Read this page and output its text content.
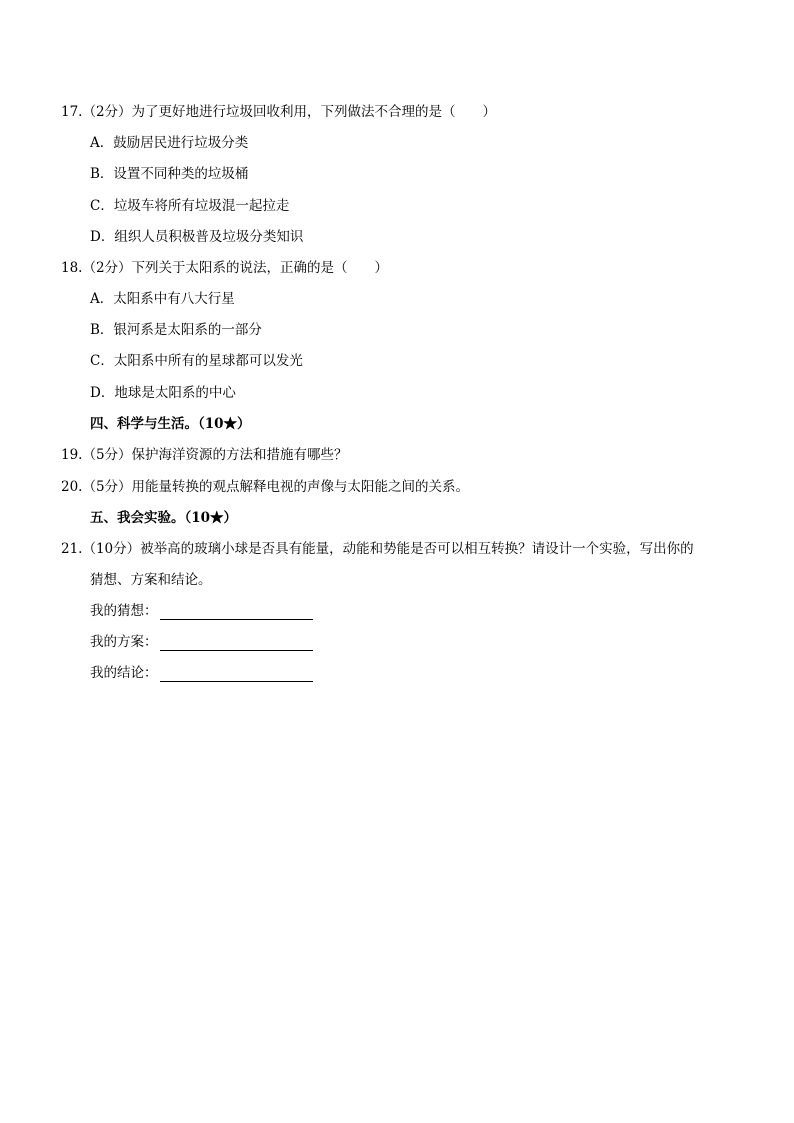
17.（2分）为了更好地进行垃圾回收利用，下列做法不合理的是（　　）
A．鼓励居民进行垃圾分类
B．设置不同种类的垃圾桶
C．垃圾车将所有垃圾混一起拉走
D．组织人员积极普及垃圾分类知识
18.（2分）下列关于太阳系的说法，正确的是（　　）
A．太阳系中有八大行星
B．银河系是太阳系的一部分
C．太阳系中所有的星球都可以发光
D．地球是太阳系的中心
四、科学与生活。（10★）
19.（5分）保护海洋资源的方法和措施有哪些？
20.（5分）用能量转换的观点解释电视的声像与太阳能之间的关系。
五、我会实验。（10★）
21.（10分）被举高的玻璃小球是否具有能量，动能和势能是否可以相互转换？请设计一个实验，写出你的
猜想、方案和结论。
我的猜想：
我的方案：
我的结论：
